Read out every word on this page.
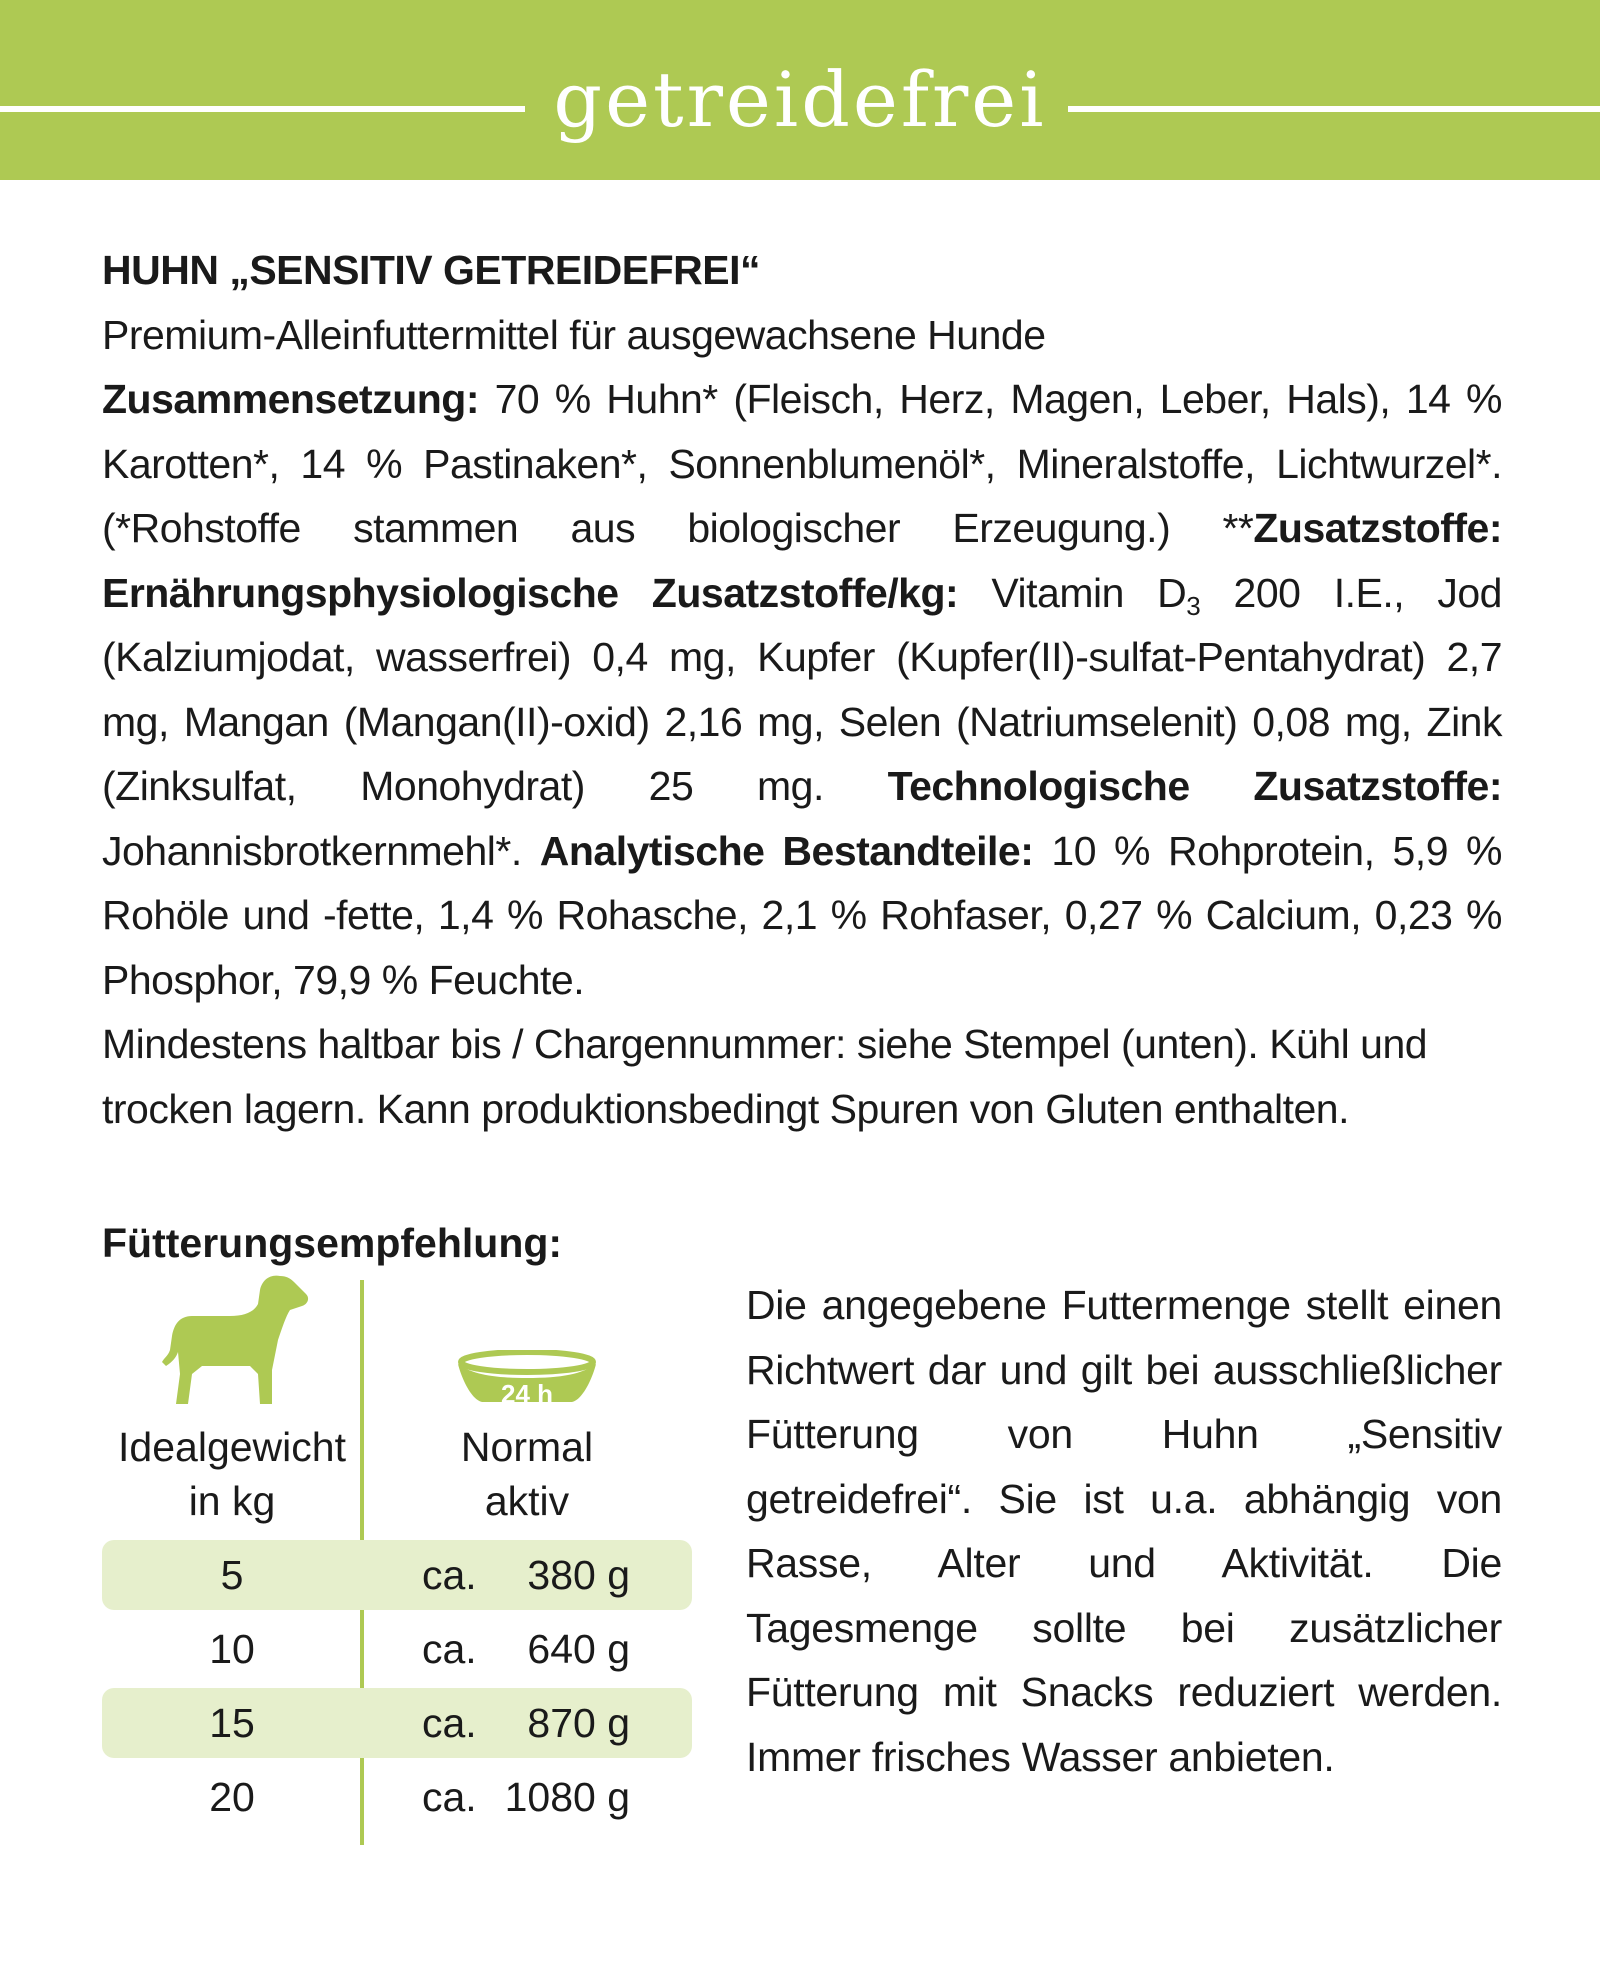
getreidefrei
HUHN „SENSITIV GETREIDEFREI“
Premium-Alleinfuttermittel für ausgewachsene Hunde
Zusammensetzung: 70 % Huhn* (Fleisch, Herz, Magen, Leber, Hals), 14 % Karotten*, 14 % Pastinaken*, Sonnenblumenöl*, Mineralstoffe, Lichtwurzel*. (*Rohstoffe stammen aus biologischer Erzeugung.) **Zusatzstoffe: Ernährungsphysiologische Zusatzstoffe/kg: Vitamin $D_3$ 200 I.E., Jod (Kalziumjodat, wasserfrei) 0,4 mg, Kupfer (Kupfer(II)-sulfat-Pentahydrat) 2,7 mg, Mangan (Mangan(II)-oxid) 2,16 mg, Selen (Natriumselenit) 0,08 mg, Zink (Zinksulfat, Monohydrat) 25 mg. Technologische Zusatzstoffe: Johannisbrotkernmehl*. Analytische Bestandteile: 10 % Rohprotein, 5,9 % Rohöle und -fette, 1,4 % Rohasche, 2,1 % Rohfaser, 0,27 % Calcium, 0,23 % Phosphor, 79,9 % Feuchte.
Mindestens haltbar bis / Chargennummer: siehe Stempel (unten). Kühl und trocken lagern. Kann produktionsbedingt Spuren von Gluten enthalten.
Fütterungsempfehlung:
24 h
Idealgewicht
in kg
Normal
aktiv
5	ca.	380 g
10	ca.	640 g
15	ca.	870 g
20	ca. 1080 g
Die angegebene Futtermenge stellt einen Richtwert dar und gilt bei ausschließlicher Fütterung von Huhn „Sensitiv getreidefrei“. Sie ist u.a. abhängig von Rasse, Alter und Aktivität. Die Tagesmenge sollte bei zusätzlicher Fütterung mit Snacks reduziert werden. Immer frisches Wasser anbieten.
